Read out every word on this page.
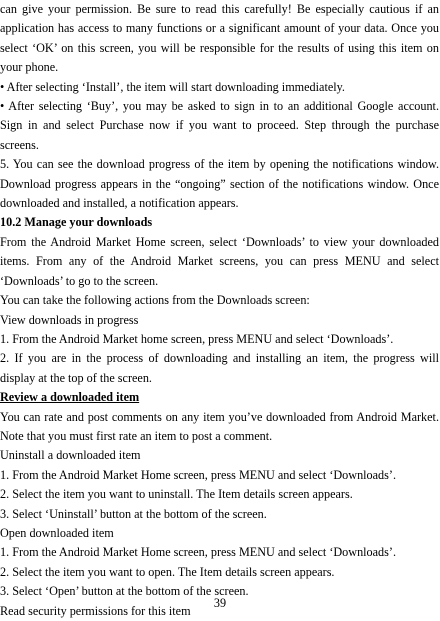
can give your permission. Be sure to read this carefully! Be especially cautious if an application has access to many functions or a significant amount of your data. Once you select ‘OK’ on this screen, you will be responsible for the results of using this item on your phone.

• After selecting ‘Install’, the item will start downloading immediately.

• After selecting ‘Buy’, you may be asked to sign in to an additional Google account. Sign in and select Purchase now if you want to proceed. Step through the purchase screens.

5. You can see the download progress of the item by opening the notifications window. Download progress appears in the “ongoing” section of the notifications window. Once downloaded and installed, a notification appears.

10.2 Manage your downloads

From the Android Market Home screen, select ‘Downloads’ to view your downloaded items. From any of the Android Market screens, you can press MENU and select ‘Downloads’ to go to the screen.

You can take the following actions from the Downloads screen:

View downloads in progress

1. From the Android Market home screen, press MENU and select ‘Downloads’.

2. If you are in the process of downloading and installing an item, the progress will display at the top of the screen.

Review a downloaded item

You can rate and post comments on any item you’ve downloaded from Android Market. Note that you must first rate an item to post a comment.

Uninstall a downloaded item

1. From the Android Market Home screen, press MENU and select ‘Downloads’.

2. Select the item you want to uninstall. The Item details screen appears.

3. Select ‘Uninstall’ button at the bottom of the screen.

Open downloaded item

1. From the Android Market Home screen, press MENU and select ‘Downloads’.

2. Select the item you want to open. The Item details screen appears.

3. Select ‘Open’ button at the bottom of the screen.

Read security permissions for this item

39
